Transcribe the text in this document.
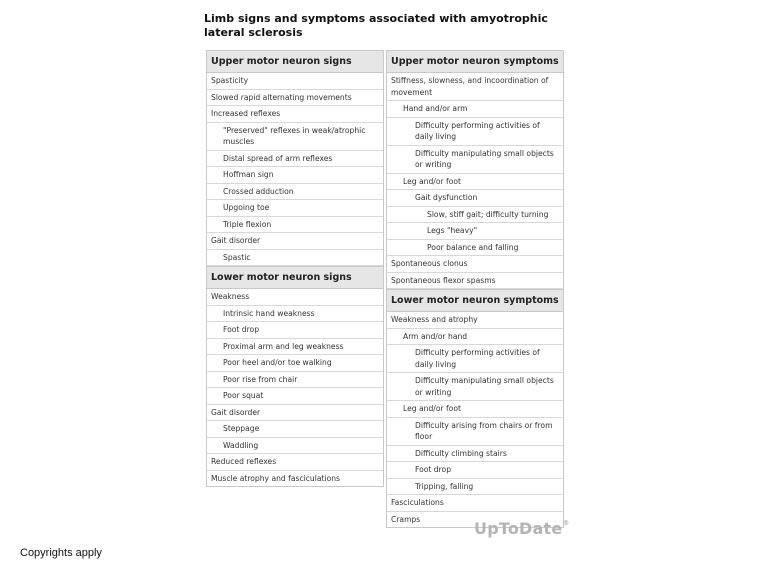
Limb signs and symptoms associated with amyotrophic lateral sclerosis
Upper motor neuron signs
Spasticity
Slowed rapid alternating movements
Increased reflexes
"Preserved" reflexes in weak/atrophic muscles
Distal spread of arm reflexes
Hoffman sign
Crossed adduction
Upgoing toe
Triple flexion
Gait disorder
Spastic
Lower motor neuron signs
Weakness
Intrinsic hand weakness
Foot drop
Proximal arm and leg weakness
Poor heel and/or toe walking
Poor rise from chair
Poor squat
Gait disorder
Steppage
Waddling
Reduced reflexes
Muscle atrophy and fasciculations
Upper motor neuron symptoms
Stiffness, slowness, and incoordination of movement
Hand and/or arm
Difficulty performing activities of daily living
Difficulty manipulating small objects or writing
Leg and/or foot
Gait dysfunction
Slow, stiff gait; difficulty turning
Legs "heavy"
Poor balance and falling
Spontaneous clonus
Spontaneous flexor spasms
Lower motor neuron symptoms
Weakness and atrophy
Arm and/or hand
Difficulty performing activities of daily living
Difficulty manipulating small objects or writing
Leg and/or foot
Difficulty arising from chairs or from floor
Difficulty climbing stairs
Foot drop
Tripping, falling
Fasciculations
Cramps	UpToDate®
Copyrights apply
